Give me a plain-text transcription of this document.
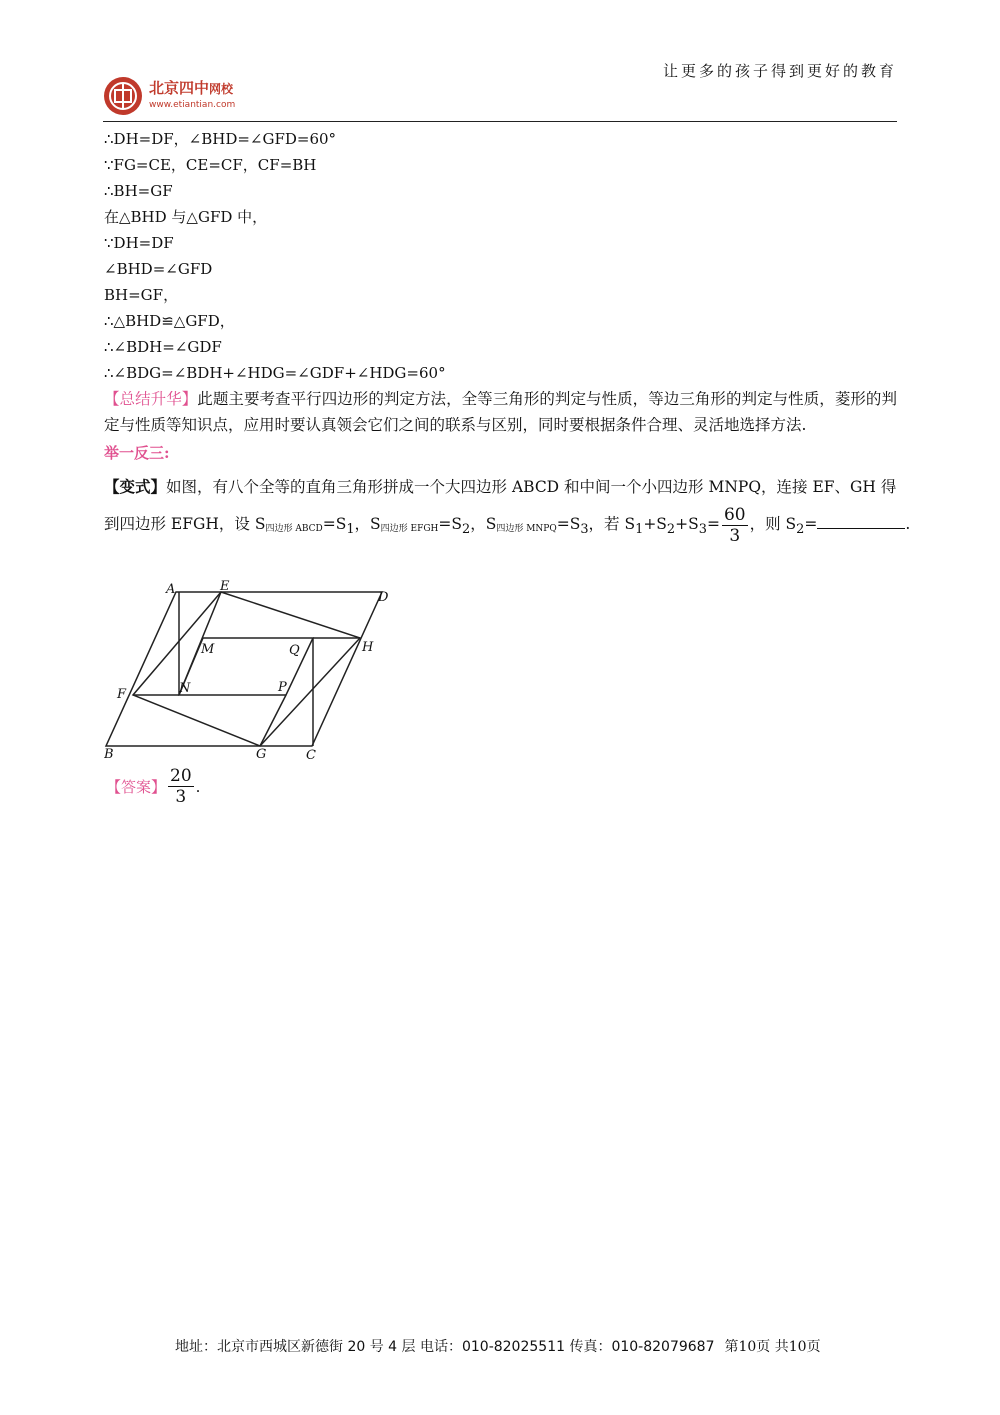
让更多的孩子得到更好的教育
北京四中网校
www.etiantian.com
∴DH=DF，∠BHD=∠GFD=60°
∵FG=CE，CE=CF，CF=BH
∴BH=GF
在△BHD 与△GFD 中，
∵DH=DF
∠BHD=∠GFD
BH=GF，
∴△BHD≌△GFD，
∴∠BDH=∠GDF
∴∠BDG=∠BDH+∠HDG=∠GDF+∠HDG=60°
【总结升华】此题主要考查平行四边形的判定方法，全等三角形的判定与性质，等边三角形的判定与性质，菱形的判定与性质等知识点，应用时要认真领会它们之间的联系与区别，同时要根据条件合理、灵活地选择方法.
举一反三:
【变式】如图，有八个全等的直角三角形拼成一个大四边形 ABCD 和中间一个小四边形 MNPQ，连接 EF、GH 得
到四边形 EFGH，设 $S_{四边形 ABCD}=S_1$，$S_{四边形 EFGH}=S_2$，$S_{四边形 MNPQ}=S_3$，若 $S_1+S_2+S_3= \frac{60}{3}$ ，则 $S_2=$	.
A	E
D
M	Q	H
F	N	P
B	G	C
【答案】 $\frac{20}{3}$ .
地址：北京市西城区新德街 20 号 4 层 电话：010-82025511 传真：010-82079687 第10页 共10页
